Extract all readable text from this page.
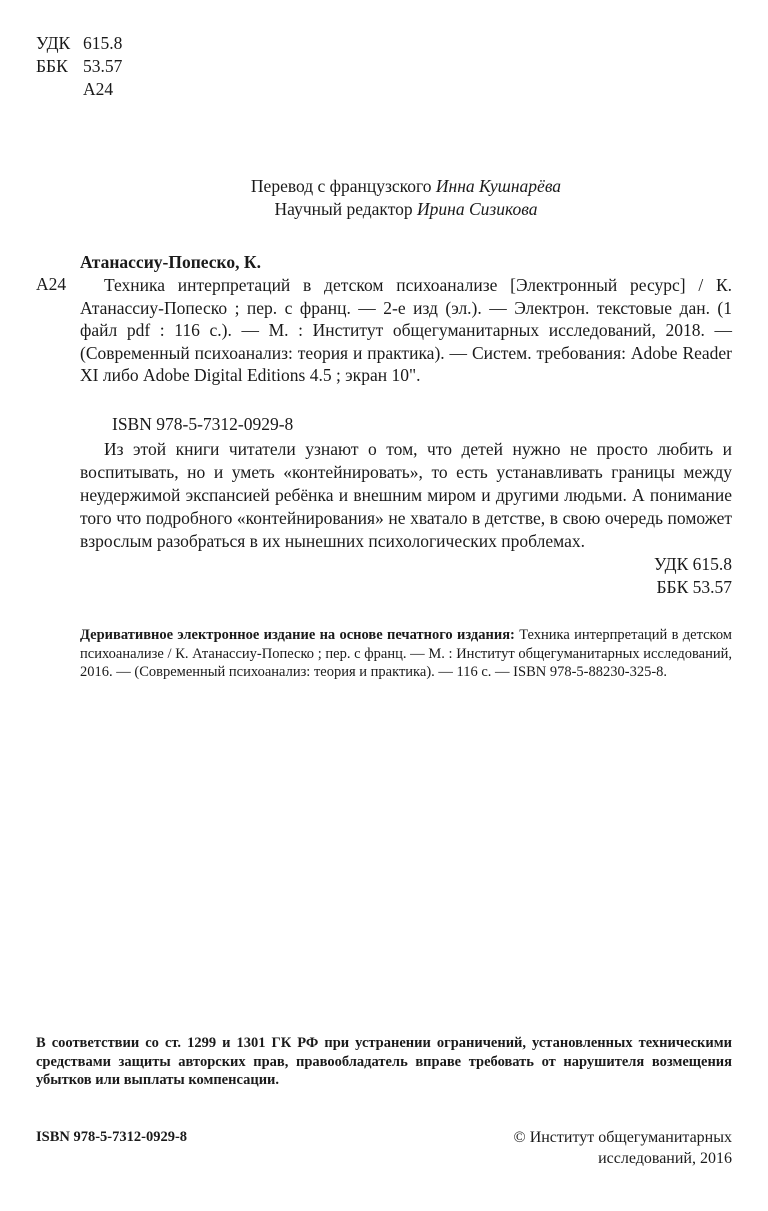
УДК 615.8
ББК 53.57
А24
Перевод с французского Инна Кушнарёва
Научный редактор Ирина Сизикова
Атанассиу-Попеско, К.
А24	Техника интерпретаций в детском психоанализе [Электронный ресурс] / К. Атанассиу-Попеско ; пер. с франц. — 2-е изд (эл.). — Электрон. текстовые дан. (1 файл pdf : 116 с.). — М. : Институт общегуманитарных исследований, 2018. — (Современный психоанализ: теория и практика). — Систем. требования: Adobe Reader XI либо Adobe Digital Editions 4.5 ; экран 10".

ISBN 978-5-7312-0929-8
Из этой книги читатели узнают о том, что детей нужно не просто любить и воспитывать, но и уметь «контейнировать», то есть устанавливать границы между неудержимой экспансией ребёнка и внешним миром и другими людьми. А понимание того что подробного «контейнирования» не хватало в детстве, в свою очередь поможет взрослым разобраться в их нынешних психологических проблемах.
УДК 615.8
ББК 53.57
Деривативное электронное издание на основе печатного издания: Техника интерпретаций в детском психоанализе / К. Атанассиу-Попеско ; пер. с франц. — М. : Институт общегуманитарных исследований, 2016. — (Современный психоанализ: теория и практика). — 116 с. — ISBN 978-5-88230-325-8.
В соответствии со ст. 1299 и 1301 ГК РФ при устранении ограничений, установленных техническими средствами защиты авторских прав, правообладатель вправе требовать от нарушителя возмещения убытков или выплаты компенсации.
ISBN 978-5-7312-0929-8	© Институт общегуманитарных
исследований, 2016
